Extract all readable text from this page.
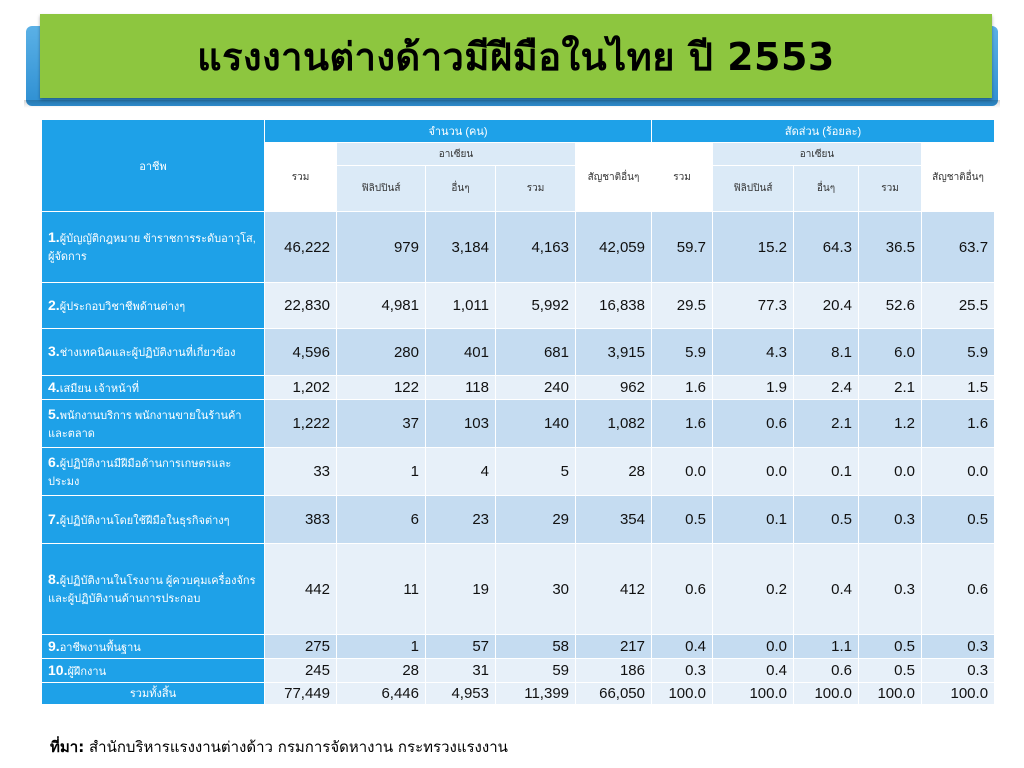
แรงงานต่างด้าวมีฝีมือในไทย ปี 2553
อาชีพ	จำนวน (คน)					สัดส่วน (ร้อยละ)				
	รวม	อาเซียน			สัญชาติอื่นๆ	รวม	อาเซียน			สัญชาติอื่นๆ
		ฟิลิปปินส์	อื่นๆ	รวม			ฟิลิปปินส์	อื่นๆ	รวม	
1.ผู้บัญญัติกฎหมาย ข้าราชการระดับอาวุโส, ผู้จัดการ	46,222	979	3,184	4,163	42,059	59.7	15.2	64.3	36.5	63.7
2.ผู้ประกอบวิชาชีพด้านต่างๆ	22,830	4,981	1,011	5,992	16,838	29.5	77.3	20.4	52.6	25.5
3.ช่างเทคนิคและผู้ปฏิบัติงานที่เกี่ยวข้อง	4,596	280	401	681	3,915	5.9	4.3	8.1	6.0	5.9
4.เสมียน เจ้าหน้าที่	1,202	122	118	240	962	1.6	1.9	2.4	2.1	1.5
5.พนักงานบริการ พนักงานขายในร้านค้าและตลาด	1,222	37	103	140	1,082	1.6	0.6	2.1	1.2	1.6
6.ผู้ปฏิบัติงานมีฝีมือด้านการเกษตรและประมง	33	1	4	5	28	0.0	0.0	0.1	0.0	0.0
7.ผู้ปฏิบัติงานโดยใช้ฝีมือในธุรกิจต่างๆ	383	6	23	29	354	0.5	0.1	0.5	0.3	0.5
8.ผู้ปฏิบัติงานในโรงงาน ผู้ควบคุมเครื่องจักร และผู้ปฏิบัติงานด้านการประกอบ	442	11	19	30	412	0.6	0.2	0.4	0.3	0.6
9.อาชีพงานพื้นฐาน	275	1	57	58	217	0.4	0.0	1.1	0.5	0.3
10.ผู้ฝึกงาน	245	28	31	59	186	0.3	0.4	0.6	0.5	0.3
รวมทั้งสิ้น	77,449	6,446	4,953	11,399	66,050	100.0	100.0	100.0	100.0	100.0
ที่มา: สำนักบริหารแรงงานต่างด้าว กรมการจัดหางาน กระทรวงแรงงาน
